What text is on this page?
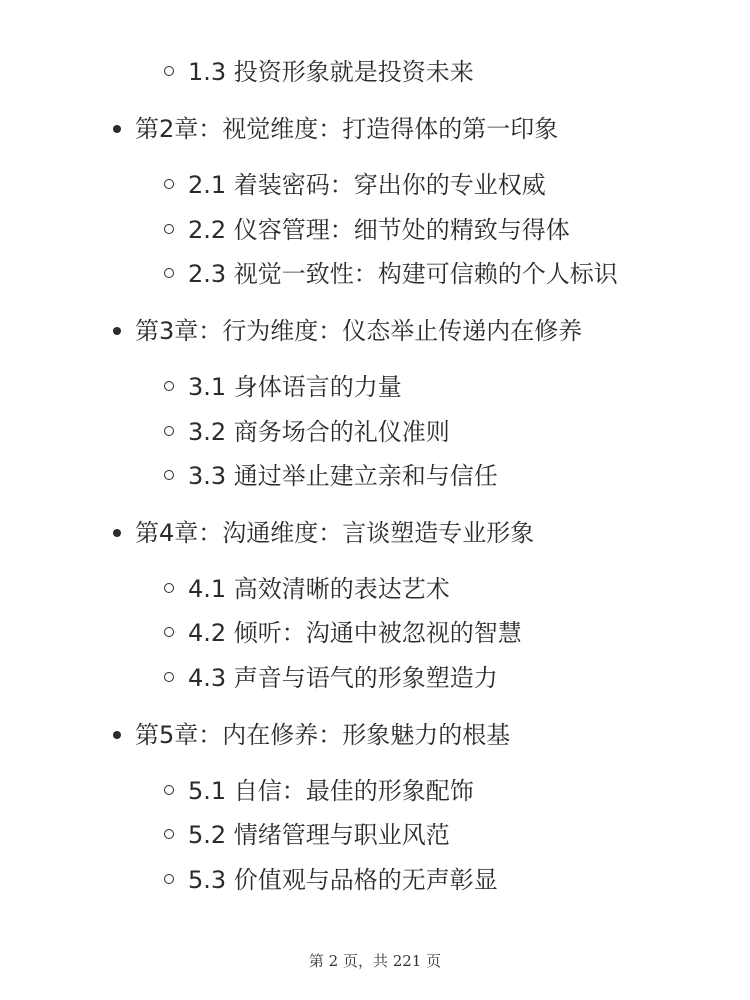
1.3 投资形象就是投资未来
第2章：视觉维度：打造得体的第一印象
2.1 着装密码：穿出你的专业权威
2.2 仪容管理：细节处的精致与得体
2.3 视觉一致性：构建可信赖的个人标识
第3章：行为维度：仪态举止传递内在修养
3.1 身体语言的力量
3.2 商务场合的礼仪准则
3.3 通过举止建立亲和与信任
第4章：沟通维度：言谈塑造专业形象
4.1 高效清晰的表达艺术
4.2 倾听：沟通中被忽视的智慧
4.3 声音与语气的形象塑造力
第5章：内在修养：形象魅力的根基
5.1 自信：最佳的形象配饰
5.2 情绪管理与职业风范
5.3 价值观与品格的无声彰显
第 2 页，共 221 页
